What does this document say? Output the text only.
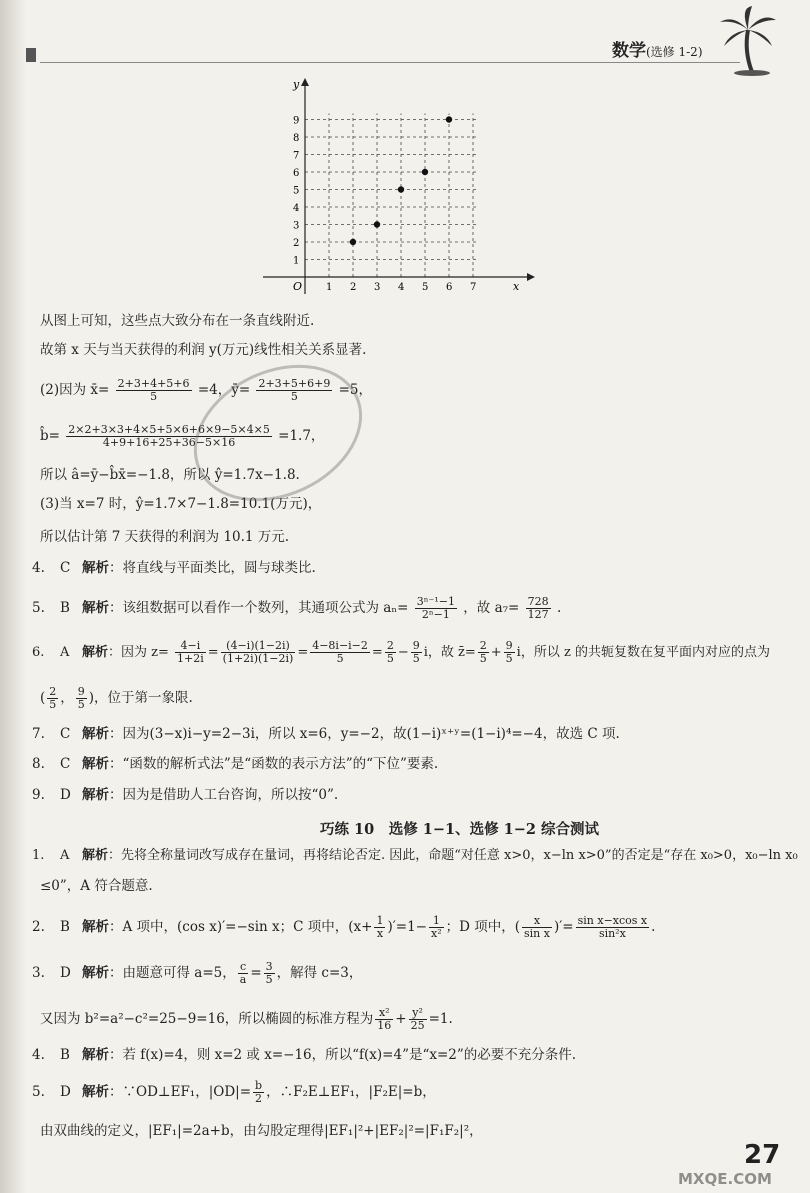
数学(选修 1-2)
y
x
O 1 2 3 4 5 6 7
1
2
3
4
5
6
7
8
9
从图上可知，这些点大致分布在一条直线附近.
故第 x 天与当天获得的利润 y(万元)线性相关关系显著.
(2)因为 x̄= $\frac{2+3+4+5+6}{5} =4$，ȳ= $\frac{2+3+5+6+9}{5} =5$，
b̂= $\frac{2\times 2+3\times 3+4\times 5+5\times 6+6\times 9-5\times 4\times 5}{4+9+16+25+36-5\times 16} =1.7$，
所以 â=ȳ−b̂x̄=−1.8，所以 ŷ=1.7x−1.8.
(3)当 x=7 时，ŷ=1.7×7−1.8=10.1(万元)，
所以估计第 7 天获得的利润为 10.1 万元.
4. C 解析：将直线与平面类比，圆与球类比.
5. B 解析：该组数据可以看作一个数列，其通项公式为 $a_n= \frac{\text{3ⁿ⁻¹−1}}{\text{2ⁿ−1}}$ ，故 $a_7= \frac{728}{127}$ .
6. A 解析：因为 $z= \frac{4-i}{1+2i} = \frac{(4-i)(1-2i)}{(1+2i)(1-2i)} = \frac{4-8i-i-2}{5} = \frac{2}{5} - \frac{9}{5}$ i，故 z̄= $\frac{2}{5} + \frac{9}{5}$ i，所以 z 的共轭复数在复平面内对应的点为
( $\frac{2}{5}$ ， $\frac{9}{5}$ )，位于第一象限.
7. C 解析：因为(3−x)i−y=2−3i，所以 x=6，y=−2，故(1−i)ˣ⁺ʸ=(1−i)⁴=−4，故选 C 项.
8. C 解析：“函数的解析式法”是“函数的表示方法”的“下位”要素.
9. D 解析：因为是借助人工台咨询，所以按“0”.
巧练 10　选修 1−1、选修 1−2 综合测试
1. A 解析：先将全称量词改写成存在量词，再将结论否定. 因此，命题“对任意 x>0，x−ln x>0”的否定是“存在 x₀>0，x₀−ln x₀
≤0”，A 符合题意.
2. B 解析：A 项中，(cos x)′=−sin x；C 项中，$(x+ \frac{1}{x} )'=1- \frac{1}{\text{x²}}$ ；D 项中，( $\frac{x}{\text{sin x}}$ )′= $\frac{\text{sin x−xcos x}}{\text{sin²x}}$ .
3. D 解析：由题意可得 a=5， $\frac{c}{a} = \frac{3}{5}$ ，解得 c=3，
又因为 b²=a²−c²=25−9=16，所以椭圆的标准方程为 $\frac{\text{x²}}{16} + \frac{\text{y²}}{25} =1$.
4. B 解析：若 f(x)=4，则 x=2 或 x=−16，所以“f(x)=4”是“x=2”的必要不充分条件.
5. D 解析：∵OD⊥EF₁，$|OD|= \frac{b}{2}$ ，∴F₂E⊥EF₁，|F₂E|=b，
由双曲线的定义，|EF₁|=2a+b，由勾股定理得|EF₁|²+|EF₂|²=|F₁F₂|²，
MXQE.COM
27
